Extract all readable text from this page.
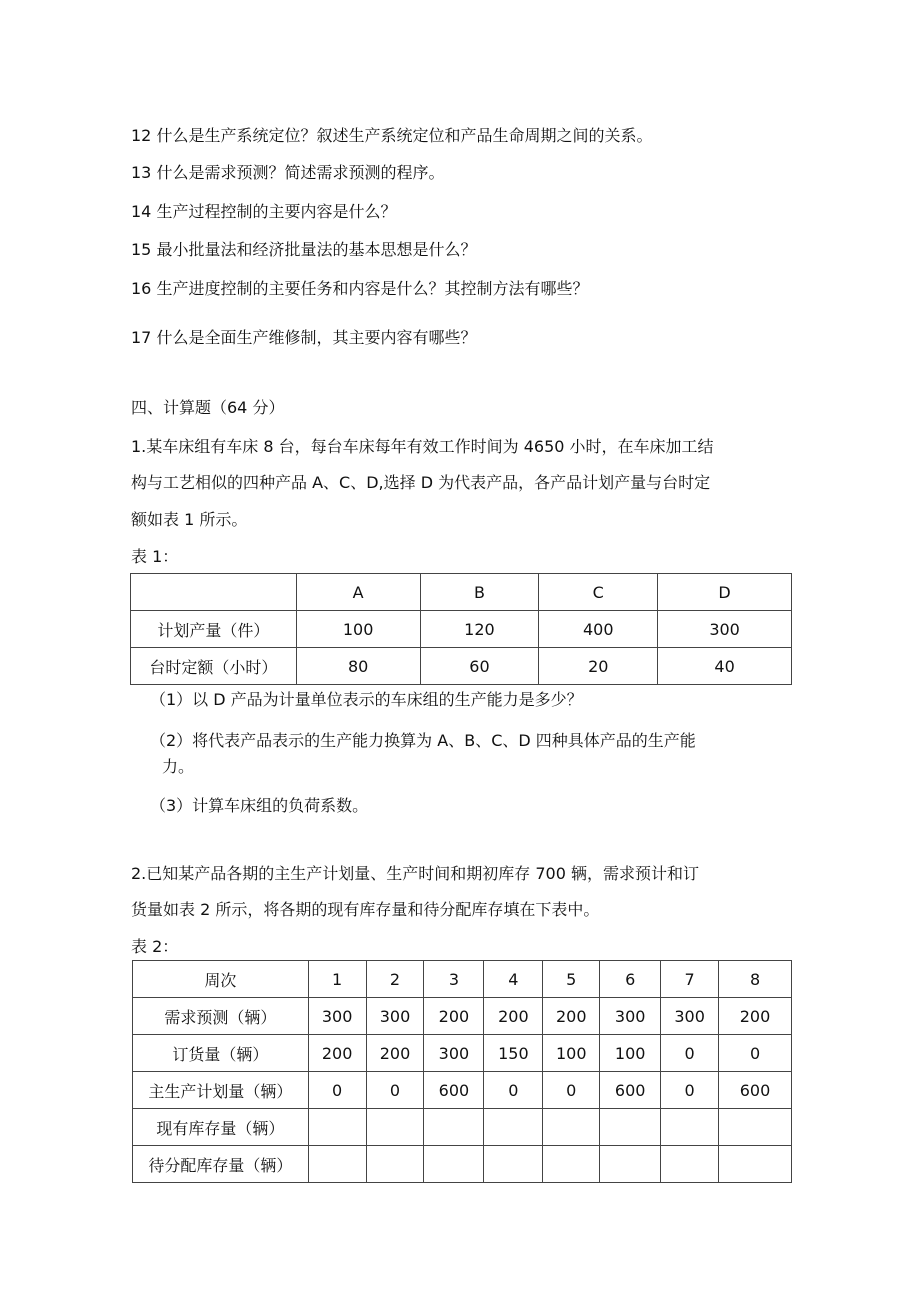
12 什么是生产系统定位？叙述生产系统定位和产品生命周期之间的关系。
13 什么是需求预测？简述需求预测的程序。
14 生产过程控制的主要内容是什么？
15 最小批量法和经济批量法的基本思想是什么？
16 生产进度控制的主要任务和内容是什么？其控制方法有哪些？
17 什么是全面生产维修制，其主要内容有哪些？
四、计算题（64 分）
1.某车床组有车床 8 台，每台车床每年有效工作时间为 4650 小时，在车床加工结
构与工艺相似的四种产品 A、C、D,选择 D 为代表产品，各产品计划产量与台时定
额如表 1 所示。
表 1：
	A	B	C	D
计划产量（件）	100	120	400	300
台时定额（小时）	80	60	20	40
（1）以 D 产品为计量单位表示的车床组的生产能力是多少？
（2）将代表产品表示的生产能力换算为 A、B、C、D 四种具体产品的生产能
力。
（3）计算车床组的负荷系数。
2.已知某产品各期的主生产计划量、生产时间和期初库存 700 辆，需求预计和订
货量如表 2 所示，将各期的现有库存量和待分配库存填在下表中。
表 2：
周次	1	2	3	4	5	6	7	8
需求预测（辆）	300	300	200	200	200	300	300	200
订货量（辆）	200	200	300	150	100	100	0	0
主生产计划量（辆）	0	0	600	0	0	600	0	600
现有库存量（辆）								
待分配库存量（辆）								
